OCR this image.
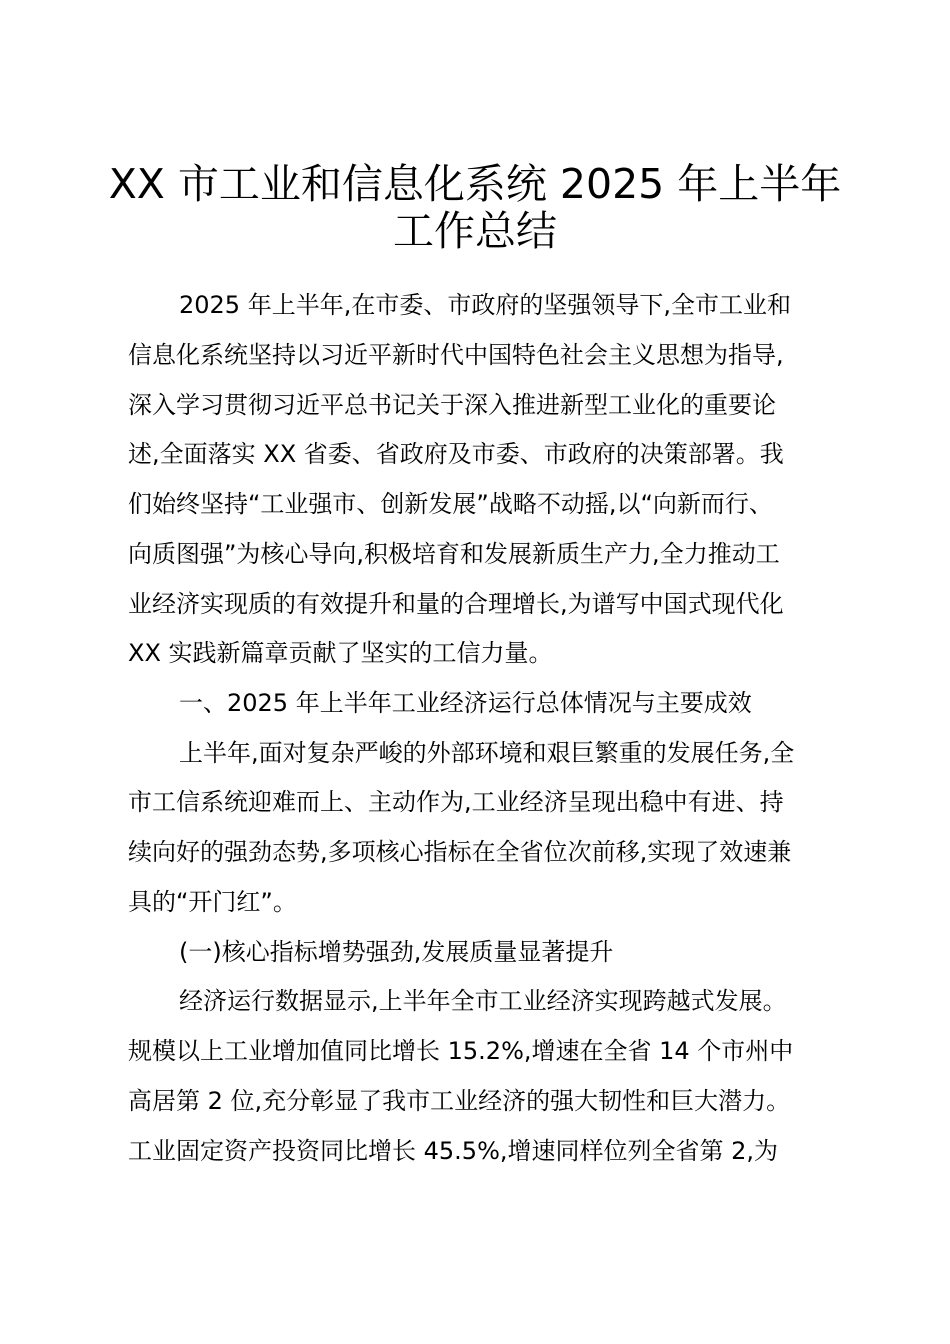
XX 市工业和信息化系统 2025 年上半年
工作总结

2025 年上半年,在市委、市政府的坚强领导下,全市工业和

信息化系统坚持以习近平新时代中国特色社会主义思想为指导,

深入学习贯彻习近平总书记关于深入推进新型工业化的重要论

述,全面落实 XX 省委、省政府及市委、市政府的决策部署。我

们始终坚持“工业强市、创新发展”战略不动摇,以“向新而行、

向质图强”为核心导向,积极培育和发展新质生产力,全力推动工

业经济实现质的有效提升和量的合理增长,为谱写中国式现代化

XX 实践新篇章贡献了坚实的工信力量。

一、2025 年上半年工业经济运行总体情况与主要成效

上半年,面对复杂严峻的外部环境和艰巨繁重的发展任务,全

市工信系统迎难而上、主动作为,工业经济呈现出稳中有进、持

续向好的强劲态势,多项核心指标在全省位次前移,实现了效速兼

具的“开门红”。

(一)核心指标增势强劲,发展质量显著提升

经济运行数据显示,上半年全市工业经济实现跨越式发展。

规模以上工业增加值同比增长 15.2%,增速在全省 14 个市州中

高居第 2 位,充分彰显了我市工业经济的强大韧性和巨大潜力。

工业固定资产投资同比增长 45.5%,增速同样位列全省第 2,为
